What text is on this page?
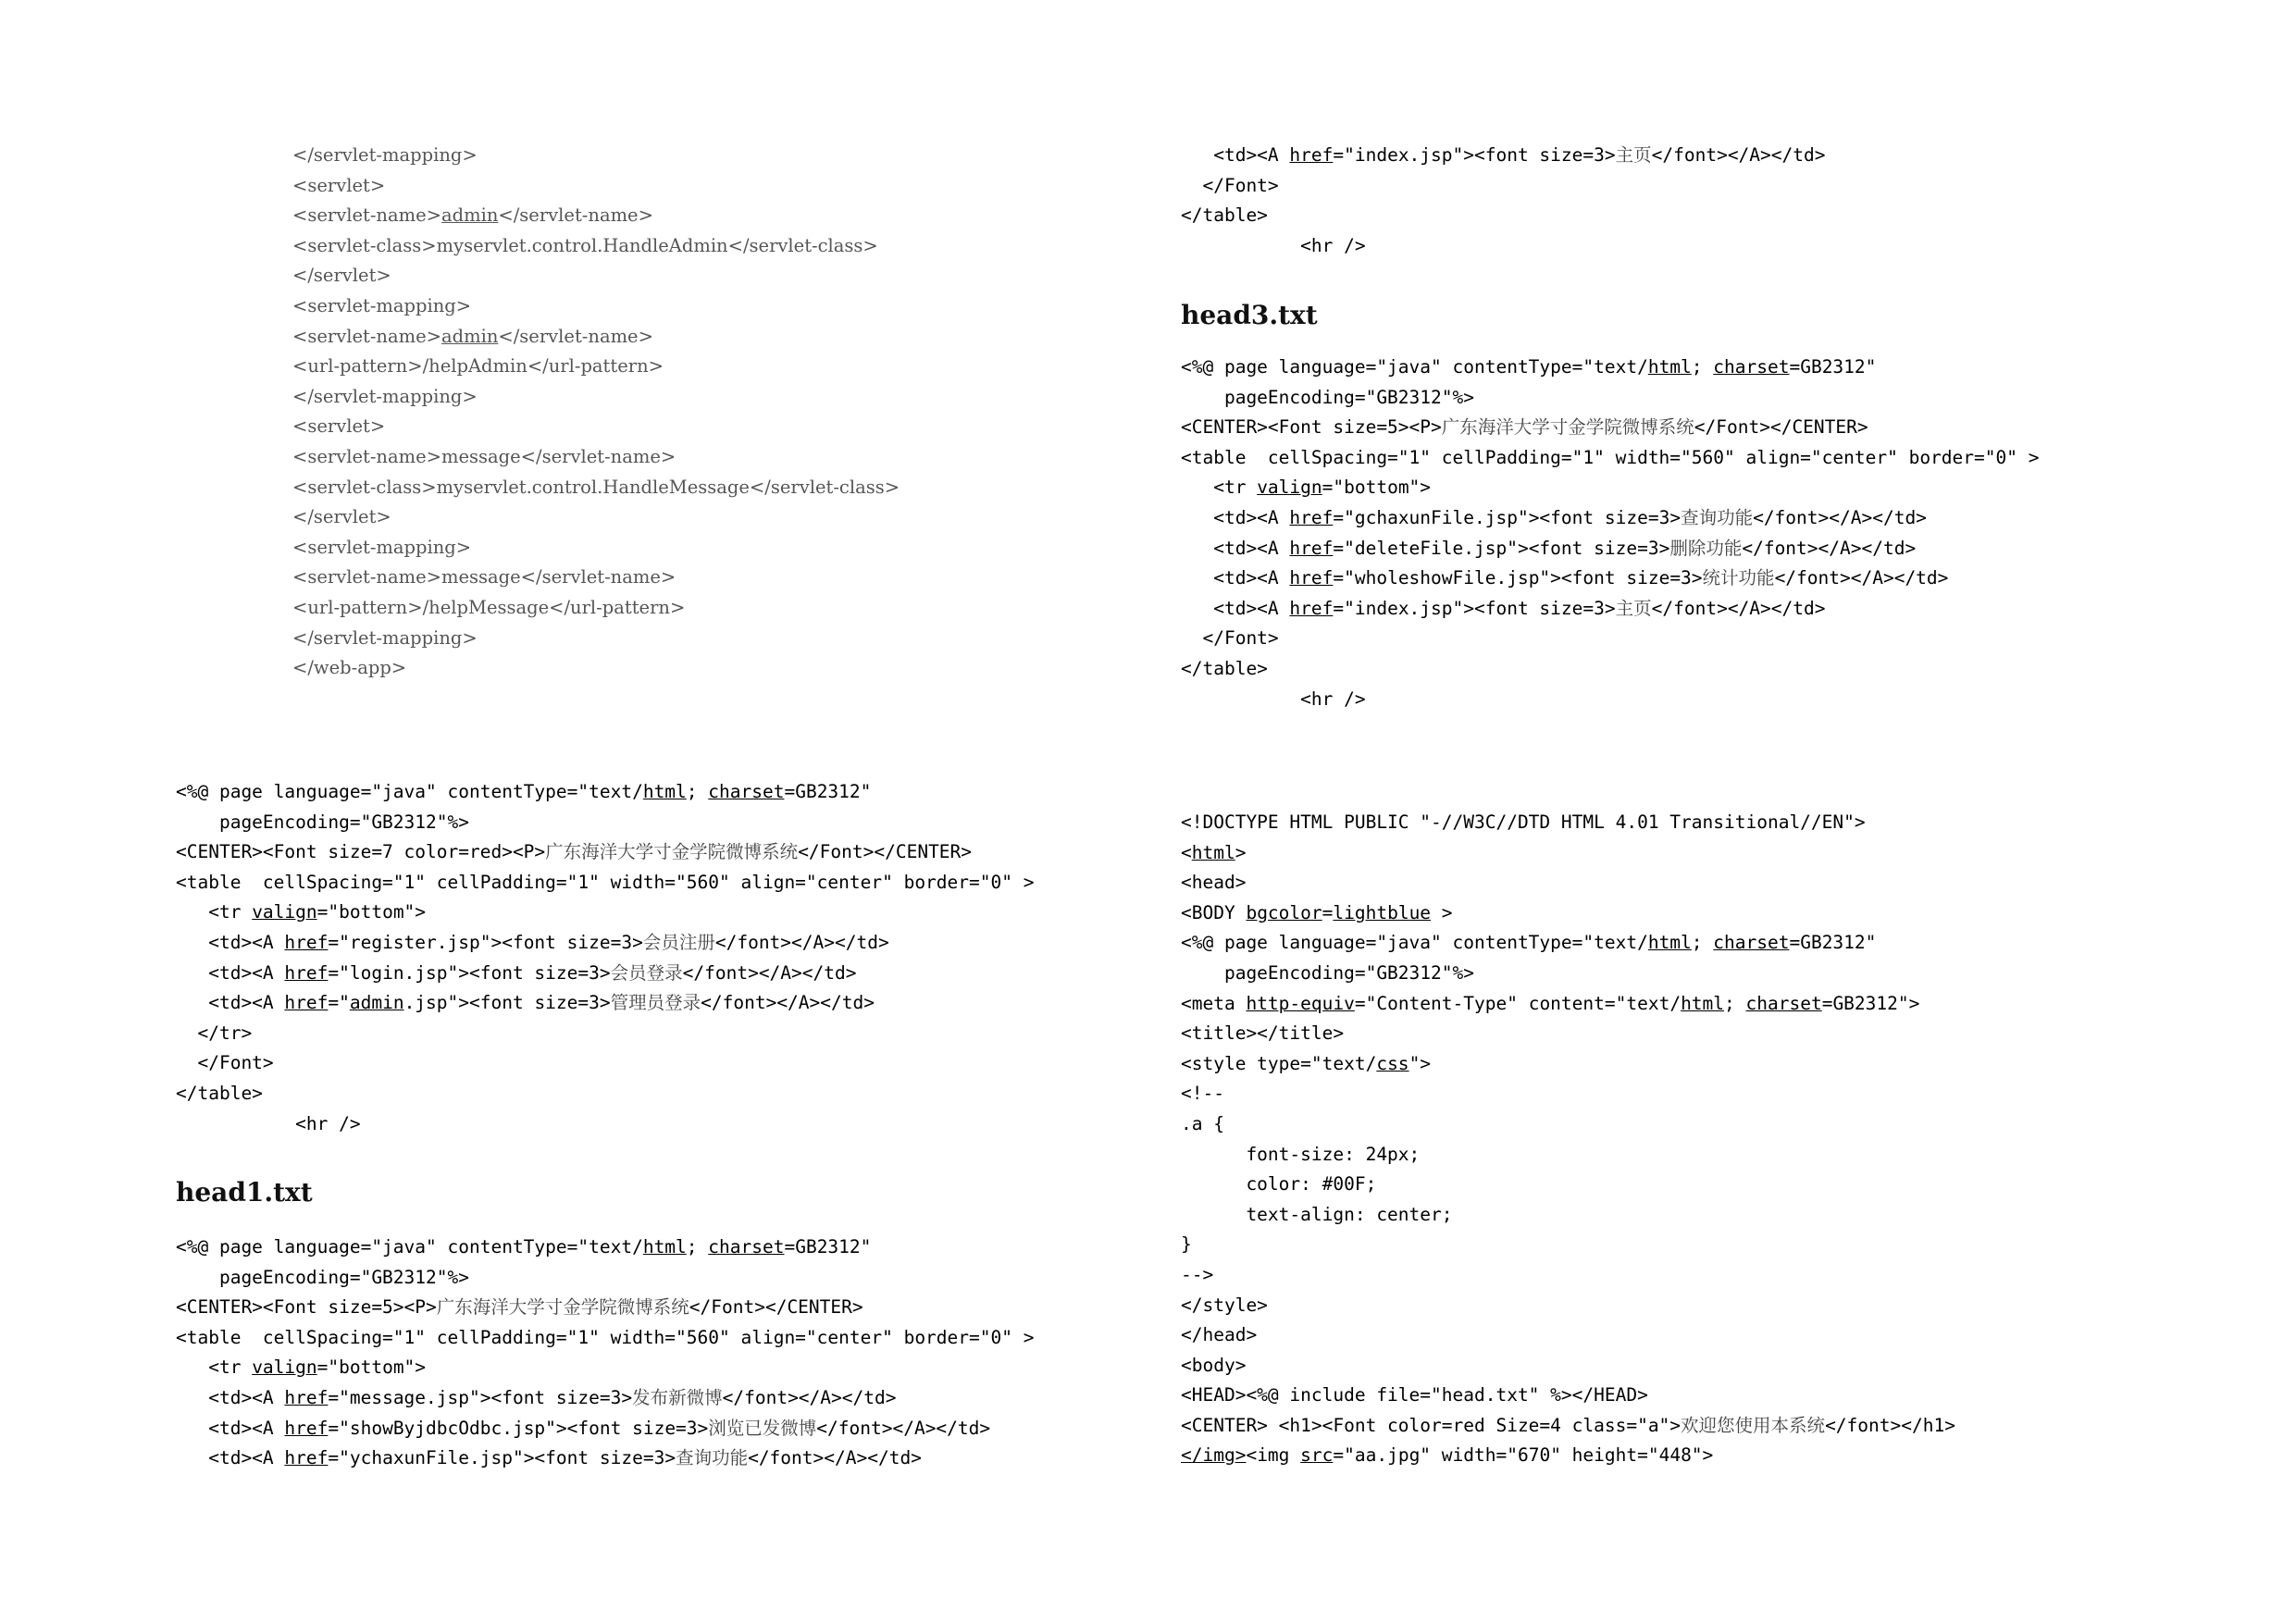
</servlet-mapping>
<servlet>
<servlet-name>admin</servlet-name>
<servlet-class>myservlet.control.HandleAdmin</servlet-class>
</servlet>
<servlet-mapping>
<servlet-name>admin</servlet-name>
<url-pattern>/helpAdmin</url-pattern>
</servlet-mapping>
<servlet>
<servlet-name>message</servlet-name>
<servlet-class>myservlet.control.HandleMessage</servlet-class>
</servlet>
<servlet-mapping>
<servlet-name>message</servlet-name>
<url-pattern>/helpMessage</url-pattern>
</servlet-mapping>
</web-app>
<%@ page language="java" contentType="text/html; charset=GB2312"
pageEncoding="GB2312"%>
<CENTER><Font size=7 color=red><P>广东海洋大学寸金学院微博系统</Font></CENTER>
<table  cellSpacing="1" cellPadding="1" width="560" align="center" border="0" >
<tr valign="bottom">
<td><A href="register.jsp"><font size=3>会员注册</font></A></td>
<td><A href="login.jsp"><font size=3>会员登录</font></A></td>
<td><A href="admin.jsp"><font size=3>管理员登录</font></A></td>
</tr>
</Font>
</table>
<hr />
head1.txt
<%@ page language="java" contentType="text/html; charset=GB2312"
pageEncoding="GB2312"%>
<CENTER><Font size=5><P>广东海洋大学寸金学院微博系统</Font></CENTER>
<table  cellSpacing="1" cellPadding="1" width="560" align="center" border="0" >
<tr valign="bottom">
<td><A href="message.jsp"><font size=3>发布新微博</font></A></td>
<td><A href="showByjdbcOdbc.jsp"><font size=3>浏览已发微博</font></A></td>
<td><A href="ychaxunFile.jsp"><font size=3>查询功能</font></A></td>
<td><A href="index.jsp"><font size=3>主页</font></A></td>
</Font>
</table>
<hr />
head3.txt
<%@ page language="java" contentType="text/html; charset=GB2312"
pageEncoding="GB2312"%>
<CENTER><Font size=5><P>广东海洋大学寸金学院微博系统</Font></CENTER>
<table  cellSpacing="1" cellPadding="1" width="560" align="center" border="0" >
<tr valign="bottom">
<td><A href="gchaxunFile.jsp"><font size=3>查询功能</font></A></td>
<td><A href="deleteFile.jsp"><font size=3>删除功能</font></A></td>
<td><A href="wholeshowFile.jsp"><font size=3>统计功能</font></A></td>
<td><A href="index.jsp"><font size=3>主页</font></A></td>
</Font>
</table>
<hr />
<!DOCTYPE HTML PUBLIC "-//W3C//DTD HTML 4.01 Transitional//EN">
<html>
<head>
<BODY bgcolor=lightblue >
<%@ page language="java" contentType="text/html; charset=GB2312"
pageEncoding="GB2312"%>
<meta http-equiv="Content-Type" content="text/html; charset=GB2312">
<title></title>
<style type="text/css">
<!--
.a {
font-size: 24px;
color: #00F;
text-align: center;
}
-->
</style>
</head>
<body>
<HEAD><%@ include file="head.txt" %></HEAD>
<CENTER> <h1><Font color=red Size=4 class="a">欢迎您使用本系统</font></h1>
</img><img src="aa.jpg" width="670" height="448">
